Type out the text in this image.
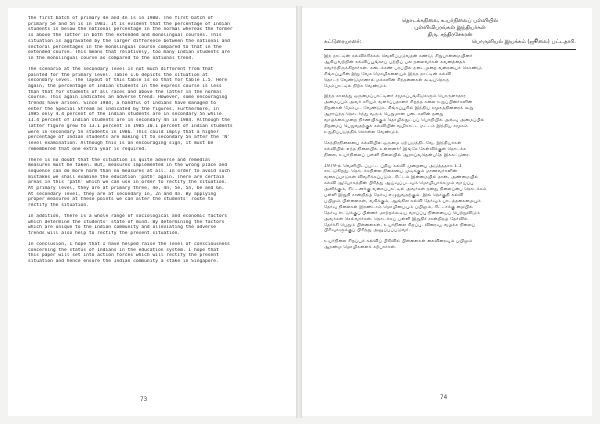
the first batch of primary 4e and 4n is in 1980. The first batch of
primary 5e and 5n is in 1981. It is evident that the percentage of Indian
students is below the national percentage in the normal whereas the former
is above the latter in both the extended and monolingual courses. This
situation is aggravated by the larger difference between the national and
sectoral percentages in the monolingual course compared to that in the
extended course. This means that relatively, too many Indian students are
in the monolingual course as compared to the national trend.
The scenario at the secondary level is not much different from that
painted for the primary level. Table 1.6 depicts the situation at
secondary level. The layout of this table is so that for table 1.5. Here
again, the percentage of Indian students in the express course is less
than that for students of all races and above the latter in the normal
course. This again indicates an adverse trend. However, some encouraging
trends have arisen. Since 1984, a handful of Indians have managed to
enter the Special Stream as indicated by the figures. Furthermore, in
1985 only 4.4 percent of the Indian students are in secondary 5n while
11.4 percent of Indian students are in secondary 4n in 1984. Although the
latter figure grew to 13.1 percent in 1985 10.1 percent of Indian students
were in secondary 5n students in 1986. This could imply that a higher
percentage of Indian students are making it to secondary 5n after the 'N'
level examination. Although this is an encouraging sign, it must be
remembered that one extra year is required.
There is no doubt that the situation is quite adverse and remedial
measures must be taken. But, measures implemented in the wrong place and
sequence can do more harm than no measures at all. In order to avoid such
mistakes we shall examine the education 'path' again. There are certain
areas in this 'path' which we can use in order to rectify the situation.
At primary level, they are at primary three, 4e, 4n, 5e, 5n, 6e and 6n.
At secondary level, they are at secondary 1n, 2n and 4n. By applying
proper measures at these points we can alter the students' route to
rectify the situation.
In addition, there is a whole range of sociological and economic factors
which determine the students' state of mind. By determining the factors
which are unique to the Indian community and alleviating the adverse
trends will also help to rectify the present situation.
In conclusion, I hope that I have helped raise the level of consciousness
concerning the status of Indians in the education system. I hope that
this paper will set into action forces which will rectify the present
situation and hence ensure the Indian community a stake in Singapore.
73
தொடக்கநிலை, உயர்நிலைப் பள்ளியில்
புள்ளிவிபரங்கள் இந்தியர்கள்
திரு. சந்திரசேகரன்
கட்டுரையாளர்:	பொருளியல் இயக்கம் (ஜூலை) பட்டதாரி.
இந் நாட்டின் கல்விச்சிக்கல் வெளிப்படுவதன் கண்டு, சிறுபான்மையினர்
ஆகியவற்றின் கல்விப்பூங்காப் பற்றிப் பல தலைவர்கள் கவனத்தைக்
கவர்ந்திருக்கிறார்கள். கடைக்கண் பரப்பில் நடைமுறை வகையைக் கொண்டு,
சிங்கப்பூரின் இறு வேக மொழிகளையும் இந்த நாட்டின் கல்வி
தொடர வேண்டுமானால் மக்களின் சிந்தனைகள் கூடியதொரு
மேம்பாட்டில் நிற்க வேண்டும்.
இந்த காலத்து ஒருமைப்பாட்டினர் சமூகப்பங்கீடுகளும் பொருளாதார
அமைப்பும் அவர் சரியும் வளர்ப்பதானர் சிறந்த கலை உறுப்பினர்களின்
திறன்கள் மேம்பட வேண்டும். சிங்கப்பூரில் இந்திய சமூகத்தினரைக் கூறு
ஆராய்ந்த தொடர்ந்து வரும் பெறுமான படைகளின் தனது
வாழ்க்கைமுறை நிர்ணயிக்கும் தொழில்நுட்பப் பொறியில் அவ்வு அமைப்பில்
திறமைப் பெறுவதற்குக் கல்வியின் வழிகாட்ட மட்டம் இந்திய சமூகம்
உறுதிப்படுத்திக் கொள்ள வேண்டும்.
கேந்திரநிலையை கல்வியில் ஒருமை ஏற்படுத்திடவே, இந்தியர்கள்
கல்வியில் எந்த நிலையில் உள்ளனர்? இங்கே கேள்விக்குள் தொடக்க
நிலை, உயர்நிலைப் பள்ளி நிலையில் ஆராய்வதென்பதே இக்கட்டுரை.
1979-ல் வெளியிடப்பட்ட புதிய கல்வி முறையை அடுத்ததாக 1.1
காட்டுகிறது. தொடக்கநிலை நிலையை முடிக்கும் மாணவர்களின்
வகைப்பாடுகள் விவரிக்கப்படும். சிட்டம் இன்மையில் தான், அண்மையில்
கல்வி ஆயோகத்தின் பிரித்து ஆய்வுப்படவும் மொழியாக்கமும் வாய்ப்பு
அளிக்கும், சிட்டனக்கு வகைப்பாட்டில் அவர்கள் தனது நிலைப்பை தொடக்கம்
பள்ளி இறுதி சான்றிதழ் தேர்வு எழுதுவதற்கும். இவ் தொகுதி கல்வி
பயிலும் பிள்ளைகள், வகிக்கும், ஆங்கில கல்வி தேர்வும் பாடத்தகைமையும்
தேர்வு நிலைகள் இரண்டாம் மொழியையும் பயிலும், சிட்டாக்கு மையில்
தேர்வு எட்டுக்குப் பின்னர் மாற்றக்கூடிய வாய்ப்பு நிலையைப் பெற்றுவிடும்
அவர்கள் செல்வார்கள். தொடக்கப் பள்ளி இறுதிச் சான்றிதழ் தேர்வில்
தேர்ச்சி பெறும் பிள்ளைகள், உயர்நிலை சிறப்பு, விரைவு, வழக்க நிலைப்
பிரிவுகளுக்குப் பிரித்து அனுப்பப்படுவர்.
உயர்நிலை சிறப்புக் கல்விப் பிரிவில் பிள்ளைகள் கைவிரைவும் பயிலும்
ஆரண்ம மொழிகளைக் கற்பார்கள்.
74
